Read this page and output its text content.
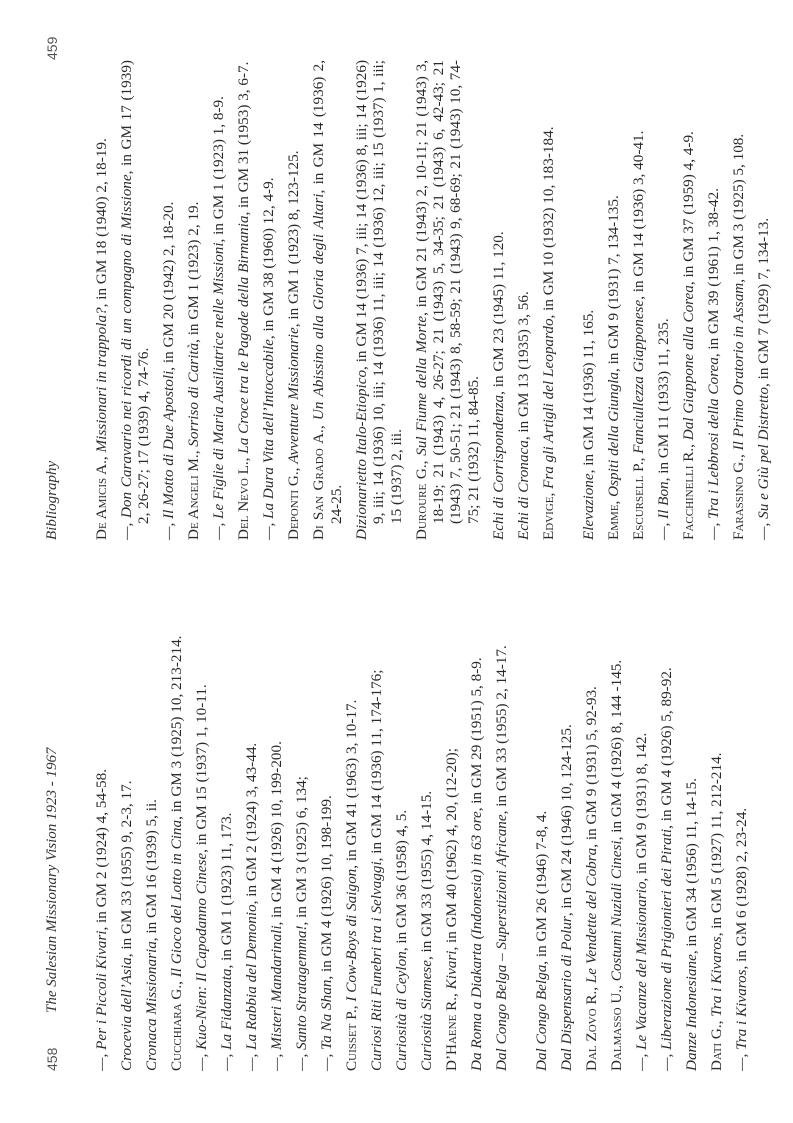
458
The Salesian Missionary Vision 1923 - 1967 —, Per i Piccoli Kivari, in GM 2 (1924) 4, 54-58.
Crocevia dell’Asia, in GM 33 (1955) 9, 2-3, 17.
Cronaca Missionaria, in GM 16 (1939) 5, ii.
Cucchiara G., Il Gioco del Lotto in Cina, in GM 3 (1925) 10, 213-214.
—, Kuo-Nien: Il Capodanno Cinese, in GM 15 (1937) 1, 10-11.
—, La Fidanzata, in GM 1 (1923) 11, 173.
—, La Rabbia del Demonio, in GM 2 (1924) 3, 43-44.
—, Misteri Mandarinali, in GM 4 (1926) 10, 199-200.
—, Santo Stratagemma!, in GM 3 (1925) 6, 134;
—, Ta Na Shan, in GM 4 (1926) 10, 198-199.
Cuisset P., I Cow-Boys di Saigon, in GM 41 (1963) 3, 10-17.
Curiosi Riti Funebri tra i Selvaggi, in GM 14 (1936) 11, 174-176;
Curiosità di Ceylon, in GM 36 (1958) 4, 5.
Curiosità Siamese, in GM 33 (1955) 4, 14-15.
D’Haene R., Kivari, in GM 40 (1962) 4, 20, (12-20); Da Roma a Diakarta (Indonesia) in 63 ore, in GM 29 (1951) 5, 8-9.
Dal Congo Belga – Superstizioni Africane, in GM 33 (1955) 2, 14-17.
Dal Congo Belga, in GM 26 (1946) 7-8, 4.
Dal Dispensario di Polur, in GM 24 (1946) 10, 124-125.
Dal Zovo R., Le Vendette del Cobra, in GM 9 (1931) 5, 92-93.
Dalmasso U., Costumi Nuziali Cinesi, in GM 4 (1926) 8, 144 -145.
—, Le Vacanze del Missionario, in GM 9 (1931) 8, 142.
—, Liberazione di Prigionieri dei Pirati, in GM 4 (1926) 5, 89-92.
Danze Indonesiane, in GM 34 (1956) 11, 14-15.
Dati G., Tra i Kivaros, in GM 5 (1927) 11, 212-214.
—, Tra i Kivaros, in GM 6 (1928) 2, 23-24.
Bibliography
459
De Amicis A., Missionari in trappola?, in GM 18 (1940) 2, 18-19. —, Don Caravario nei ricordi di un compagno di Missione, in GM 17 (1939) 2, 26-27; 17 (1939) 4, 74-76. —, Il Motto di Due Apostoli, in GM 20 (1942) 2, 18-20.
De Angeli M., Sorriso di Carità, in GM 1 (1923) 2, 19. —, Le Figlie di Maria Ausiliatrice nelle Missioni, in GM 1 (1923) 1, 8-9.
Del Nevo L., La Croce tra le Pagode della Birmania, in GM 31 (1953) 3, 6-7.
—, La Dura Vita dell’Intoccabile, in GM 38 (1960) 12, 4-9.
Deponti G., Avventure Missionarie, in GM 1 (1923) 8, 123-125.
Di San Grado A., Un Abissino alla Gloria degli Altari, in GM 14 (1936) 2, 24-25. Dizionarietto Italo-Etiopico, in GM 14 (1936) 7, iii; 14 (1936) 8, iii; 14 (1926) 9, iii; 14 (1936) 10, iii; 14 (1936) 11, iii; 14 (1936) 12, iii; 15 (1937) 1, iii; 15 (1937) 2, iii. Duroure G., Sul Fiume della Morte, in GM 21 (1943) 2, 10-11; 21 (1943) 3, 18-19; 21 (1943) 4, 26-27; 21 (1943) 5, 34-35; 21 (1943) 6, 42-43; 21 (1943) 7, 50-51; 21 (1943) 8, 58-59; 21 (1943) 9, 68-69; 21 (1943) 10, 74-75; 21 (1932) 11, 84-85. Echi di Corrispondenza, in GM 23 (1945) 11, 120.
Echi di Cronaca, in GM 13 (1935) 3, 56.
Edvige, Fra gli Artigli del Leopardo, in GM 10 (1932) 10, 183-184.
Elevazione, in GM 14 (1936) 11, 165.
Emme, Ospiti della Giungla, in GM 9 (1931) 7, 134-135.
Escursell P., Fanciullezza Giapponese, in GM 14 (1936) 3, 40-41.
—, Il Bon, in GM 11 (1933) 11, 235.
Facchinelli R., Dal Giappone alla Corea, in GM 37 (1959) 4, 4-9.
—, Tra i Lebbrosi della Corea, in GM 39 (1961) 1, 38-42.
Farassino G., Il Primo Oratorio in Assam, in GM 3 (1925) 5, 108.
—, Su e Giù pel Distretto, in GM 7 (1929) 7, 134-13.
